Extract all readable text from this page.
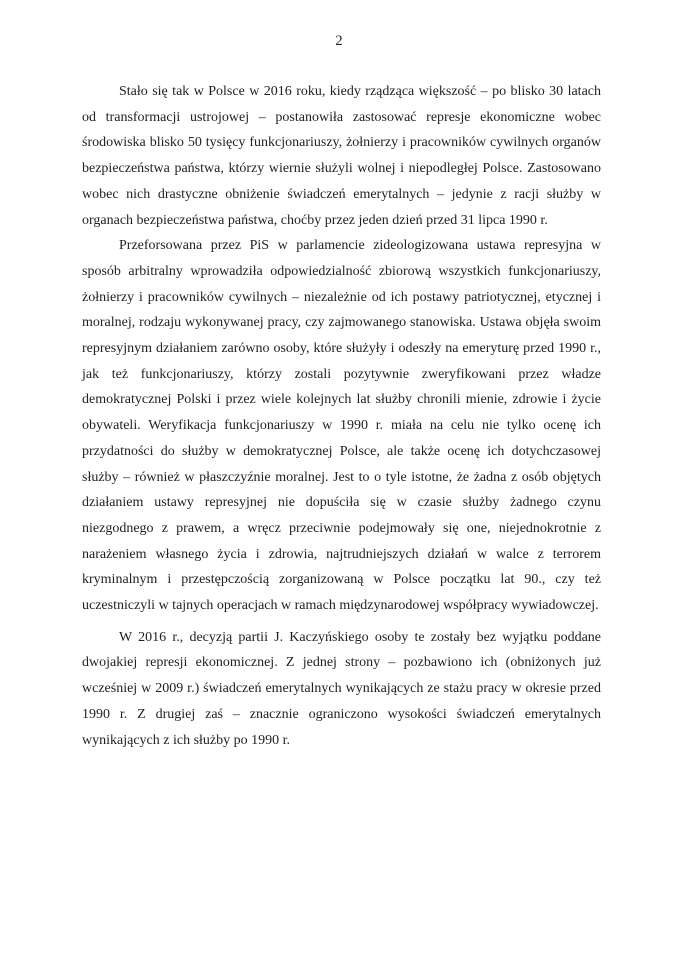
2

Stało się tak w Polsce w 2016 roku, kiedy rządząca większość – po blisko 30 latach od transformacji ustrojowej – postanowiła zastosować represje ekonomiczne wobec środowiska blisko 50 tysięcy funkcjonariuszy, żołnierzy i pracowników cywilnych organów bezpieczeństwa państwa, którzy wiernie służyli wolnej i niepodległej Polsce. Zastosowano wobec nich drastyczne obniżenie świadczeń emerytalnych – jedynie z racji służby w organach bezpieczeństwa państwa, choćby przez jeden dzień przed 31 lipca 1990 r.

Przeforsowana przez PiS w parlamencie zideologizowana ustawa represyjna w sposób arbitralny wprowadziła odpowiedzialność zbiorową wszystkich funkcjonariuszy, żołnierzy i pracowników cywilnych – niezależnie od ich postawy patriotycznej, etycznej i moralnej, rodzaju wykonywanej pracy, czy zajmowanego stanowiska. Ustawa objęła swoim represyjnym działaniem zarówno osoby, które służyły i odeszły na emeryturę przed 1990 r., jak też funkcjonariuszy, którzy zostali pozytywnie zweryfikowani przez władze demokratycznej Polski i przez wiele kolejnych lat służby chronili mienie, zdrowie i życie obywateli. Weryfikacja funkcjonariuszy w 1990 r. miała na celu nie tylko ocenę ich przydatności do służby w demokratycznej Polsce, ale także ocenę ich dotychczasowej służby – również w płaszczyźnie moralnej. Jest to o tyle istotne, że żadna z osób objętych działaniem ustawy represyjnej nie dopuściła się w czasie służby żadnego czynu niezgodnego z prawem, a wręcz przeciwnie podejmowały się one, niejednokrotnie z narażeniem własnego życia i zdrowia, najtrudniejszych działań w walce z terrorem kryminalnym i przestępczością zorganizowaną w Polsce początku lat 90., czy też uczestniczyli w tajnych operacjach w ramach międzynarodowej współpracy wywiadowczej.

W 2016 r., decyzją partii J. Kaczyńskiego osoby te zostały bez wyjątku poddane dwojakiej represji ekonomicznej. Z jednej strony – pozbawiono ich (obniżonych już wcześniej w 2009 r.) świadczeń emerytalnych wynikających ze stażu pracy w okresie przed 1990 r. Z drugiej zaś – znacznie ograniczono wysokości świadczeń emerytalnych wynikających z ich służby po 1990 r.
